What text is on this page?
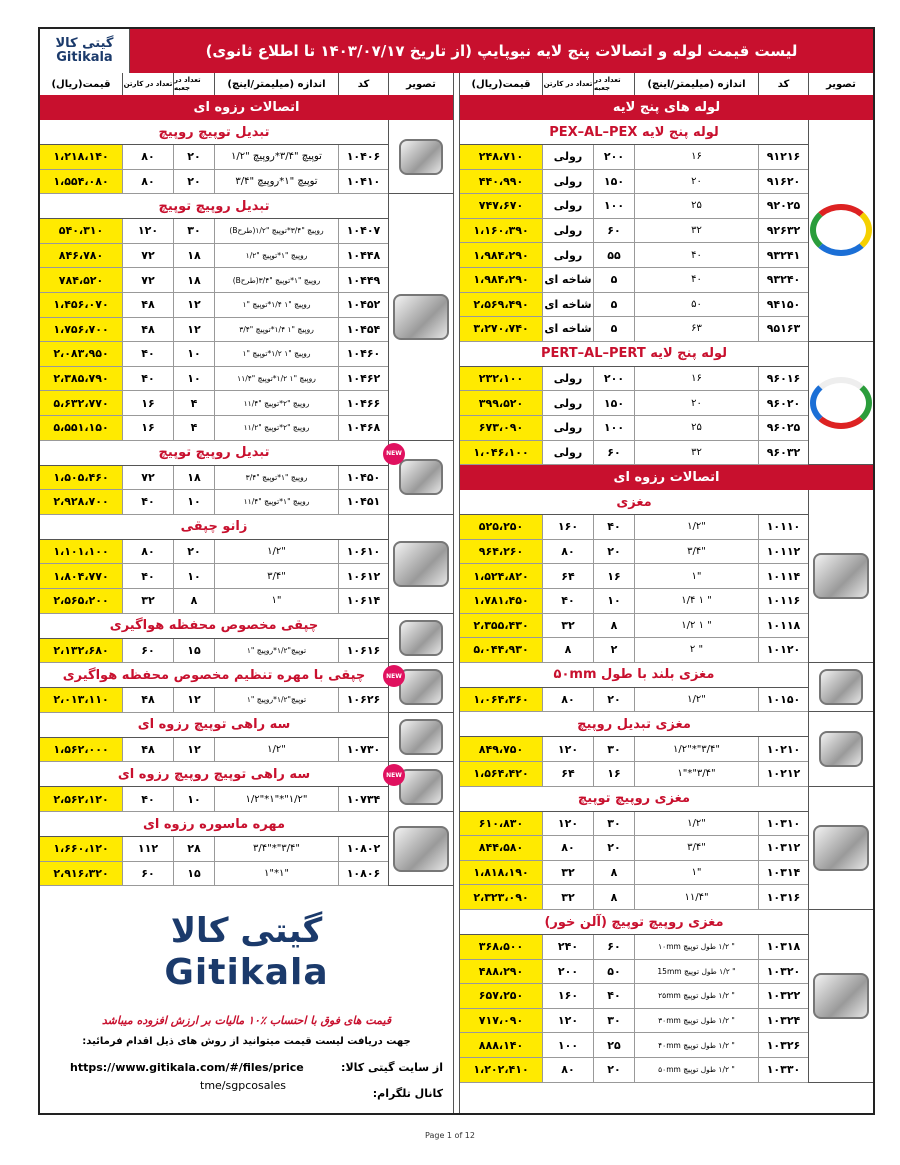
گیتی کالا
Gitikala	لیست قیمت لوله و اتصالات پنج لایه نیوپایپ (از تاریخ ۱۴۰۳/۰۷/۱۷ تا اطلاع ثانوی)
قیمت(ریال)	تعداد در کارتن تعداد در جعبه	اندازه (میلیمتر/اینچ)	کد	تصویر
اتصالات رزوه ای
تبدیل توپیچ روپیچ
۱،۲۱۸،۱۴۰	۸۰	۲۰	توپیچ "۳/۴*روپیچ "۱/۲	۱۰۴۰۶
۱،۵۵۴،۰۸۰	۸۰	۲۰	توپیچ "۱*روپیچ "۳/۴	۱۰۴۱۰
تبدیل روپیچ توپیچ
۵۴۰،۳۱۰	۱۲۰	۳۰	روپیچ "۳/۴*توپیچ "۱/۲(طرحB)	۱۰۴۰۷
۸۴۶،۷۸۰	۷۲	۱۸	روپیچ "۱*توپیچ "۱/۲	۱۰۴۴۸
۷۸۴،۵۲۰	۷۲	۱۸	روپیچ "۱*توپیچ "۳/۴(طرحB)	۱۰۴۴۹
۱،۴۵۶،۰۷۰	۴۸	۱۲	روپیچ "۱ ۱/۴*توپیچ "۱	۱۰۴۵۲
۱،۷۵۶،۷۰۰	۴۸	۱۲	روپیچ "۱ ۱/۴*توپیچ "۳/۴	۱۰۴۵۴
۲،۰۸۳،۹۵۰	۴۰	۱۰	روپیچ "۱ ۱/۲*توپیچ "۱	۱۰۴۶۰
۲،۳۸۵،۷۹۰	۴۰	۱۰	روپیچ "۱ ۱/۲*توپیچ "۱۱/۴	۱۰۴۶۲
۵،۶۳۲،۷۷۰	۱۶	۴	روپیچ "۲*توپیچ "۱۱/۴	۱۰۴۶۶
۵،۵۵۱،۱۵۰	۱۶	۴	روپیچ "۲*توپیچ "۱۱/۲	۱۰۴۶۸
تبدیل روپیچ توپیچ
۱،۵۰۵،۴۶۰	۷۲	۱۸	روپیچ "۱*توپیچ "۳/۴	۱۰۴۵۰
۲،۹۲۸،۷۰۰	۴۰	۱۰	روپیچ "۱*توپیچ "۱۱/۴	۱۰۴۵۱
NEW
زانو چپقی
۱،۱۰۱،۱۰۰	۸۰	۲۰	"۱/۲	۱۰۶۱۰
۱،۸۰۴،۷۷۰	۴۰	۱۰	"۳/۴	۱۰۶۱۲
۲،۵۶۵،۲۰۰	۳۲	۸	"۱	۱۰۶۱۴
چپقی مخصوص محفظه هواگیری
۲،۱۳۲،۶۸۰	۶۰	۱۵	توپیچ"۱/۲*روپیچ "۱	۱۰۶۱۶
چپقی با مهره تنظیم مخصوص محفظه هواگیری
۲،۰۱۳،۱۱۰	۴۸	۱۲	توپیچ"۱/۲*روپیچ "۱	۱۰۶۲۶
NEW
سه راهی توپیچ رزوه ای
۱،۵۶۲،۰۰۰	۴۸	۱۲	"۱/۲	۱۰۷۳۰
سه راهی توپیچ روپیچ رزوه ای
۲،۵۶۲،۱۲۰	۴۰	۱۰	"۱/۲"*"۱*"۱/۲	۱۰۷۳۴
NEW
مهره ماسوره رزوه ای
۱،۶۶۰،۱۲۰	۱۱۲	۲۸	"۳/۴"*"۳/۴	۱۰۸۰۲
۲،۹۱۶،۳۲۰	۶۰	۱۵	"۱*"۱	۱۰۸۰۶
گیتی کالا
Gitikala
قیمت های فوق با احتساب ٪۱۰ مالیات بر ارزش افزوده میباشد
جهت دریافت لیست قیمت میتوانید از روش های ذیل اقدام فرمائید:
از سایت گیتی کالا:
https://www.gitikala.com/#/files/price
کانال تلگرام:
tme/sgpcosales
قیمت(ریال)	تعداد در کارتن تعداد در جعبه	اندازه (میلیمتر/اینچ)	کد	تصویر
لوله های پنج لایه
لوله پنج لایه PEX–AL–PEX
۲۴۸،۷۱۰	رولی	۲۰۰	۱۶	۹۱۲۱۶
۴۴۰،۹۹۰	رولی	۱۵۰	۲۰	۹۱۶۲۰
۷۴۷،۶۷۰	رولی	۱۰۰	۲۵	۹۲۰۲۵
۱،۱۶۰،۳۹۰	رولی	۶۰	۳۲	۹۲۶۳۲
۱،۹۸۴،۲۹۰	رولی	۵۵	۴۰	۹۳۲۴۱
۱،۹۸۴،۲۹۰	شاخه ای	۵	۴۰	۹۳۲۴۰
۲،۵۶۹،۴۹۰	شاخه ای	۵	۵۰	۹۴۱۵۰
۳،۲۷۰،۷۴۰	شاخه ای	۵	۶۳	۹۵۱۶۳
لوله پنج لایه PERT–AL–PERT
۲۳۲،۱۰۰	رولی	۲۰۰	۱۶	۹۶۰۱۶
۳۹۹،۵۲۰	رولی	۱۵۰	۲۰	۹۶۰۲۰
۶۷۳،۰۹۰	رولی	۱۰۰	۲۵	۹۶۰۲۵
۱،۰۴۶،۱۰۰	رولی	۶۰	۳۲	۹۶۰۳۲
اتصالات رزوه ای
مغزی
۵۲۵،۲۵۰	۱۶۰	۴۰	"۱/۲	۱۰۱۱۰
۹۶۴،۲۶۰	۸۰	۲۰	"۳/۴	۱۰۱۱۲
۱،۵۲۴،۸۲۰	۶۴	۱۶	"۱	۱۰۱۱۴
۱،۷۸۱،۴۵۰	۴۰	۱۰	" ۱ ۱/۴	۱۰۱۱۶
۲،۳۵۵،۴۳۰	۳۲	۸	" ۱ ۱/۲	۱۰۱۱۸
۵،۰۴۴،۹۳۰	۸	۲	" ۲	۱۰۱۲۰
مغزی بلند با طول ۵۰mm
۱،۰۶۴،۳۶۰	۸۰	۲۰	"۱/۲	۱۰۱۵۰
مغزی تبدیل روپیچ
۸۴۹،۷۵۰	۱۲۰	۳۰	"۳/۴"*"۱/۲	۱۰۲۱۰
۱،۵۶۴،۴۲۰	۶۴	۱۶	"۳/۴"*"۱	۱۰۲۱۲
مغزی روپیچ توپیچ
۶۱۰،۸۳۰	۱۲۰	۳۰	"۱/۲	۱۰۳۱۰
۸۴۴،۵۸۰	۸۰	۲۰	"۳/۴	۱۰۳۱۲
۱،۸۱۸،۱۹۰	۳۲	۸	"۱	۱۰۳۱۴
۲،۳۲۳،۰۹۰	۳۲	۸	"۱۱/۴	۱۰۳۱۶
مغزی روپیچ توپیچ (آلن خور)
۳۶۸،۵۰۰	۲۴۰	۶۰	" ۱/۲ طول توپیچ ۱۰mm	۱۰۳۱۸
۴۸۸،۲۹۰	۲۰۰	۵۰	" ۱/۲ طول توپیچ 15mm	۱۰۳۲۰
۶۵۷،۲۵۰	۱۶۰	۴۰	" ۱/۲ طول توپیچ ۲۵mm	۱۰۳۲۲
۷۱۷،۰۹۰	۱۲۰	۳۰	" ۱/۲ طول توپیچ ۳۰mm	۱۰۳۲۴
۸۸۸،۱۴۰	۱۰۰	۲۵	" ۱/۲ طول توپیچ ۴۰mm	۱۰۳۲۶
۱،۲۰۲،۴۱۰	۸۰	۲۰	" ۱/۲ طول توپیچ ۵۰mm	۱۰۳۳۰
Page 1 of 12
